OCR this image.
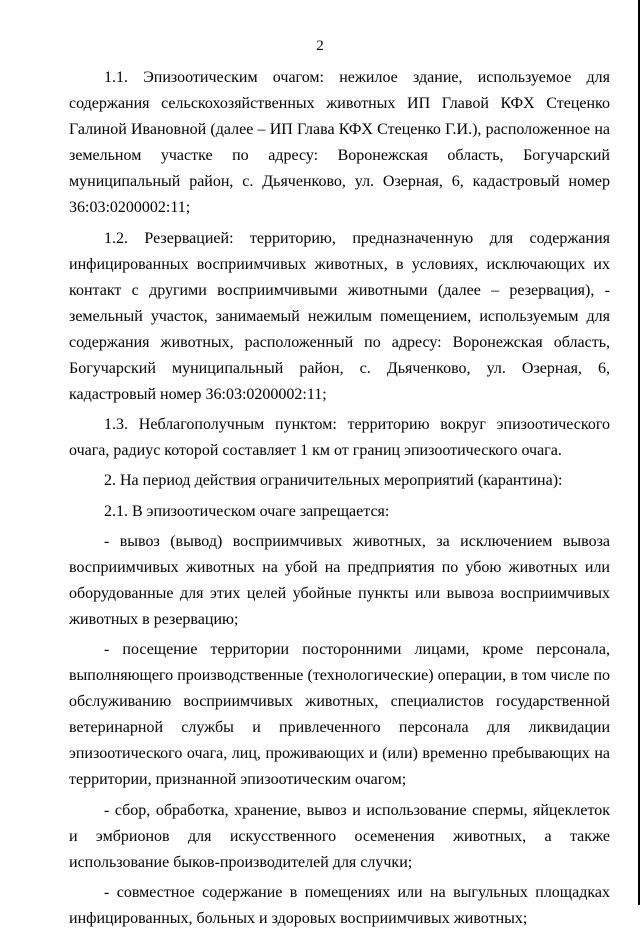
2

1.1. Эпизоотическим очагом: нежилое здание, используемое для содержания сельскохозяйственных животных ИП Главой КФХ Стеценко Галиной Ивановной (далее – ИП Глава КФХ Стеценко Г.И.), расположенное на земельном участке по адресу: Воронежская область, Богучарский муниципальный район, с. Дьяченково, ул. Озерная, 6, кадастровый номер 36:03:0200002:11;

1.2. Резервацией: территорию, предназначенную для содержания инфицированных восприимчивых животных, в условиях, исключающих их контакт с другими восприимчивыми животными (далее – резервация), - земельный участок, занимаемый нежилым помещением, используемым для содержания животных, расположенный по адресу: Воронежская область, Богучарский муниципальный район, с. Дьяченково, ул. Озерная, 6, кадастровый номер 36:03:0200002:11;

1.3. Неблагополучным пунктом: территорию вокруг эпизоотического очага, радиус которой составляет 1 км от границ эпизоотического очага.

2. На период действия ограничительных мероприятий (карантина):

2.1. В эпизоотическом очаге запрещается:

- вывоз (вывод) восприимчивых животных, за исключением вывоза восприимчивых животных на убой на предприятия по убою животных или оборудованные для этих целей убойные пункты или вывоза восприимчивых животных в резервацию;

- посещение территории посторонними лицами, кроме персонала, выполняющего производственные (технологические) операции, в том числе по обслуживанию восприимчивых животных, специалистов государственной ветеринарной службы и привлеченного персонала для ликвидации эпизоотического очага, лиц, проживающих и (или) временно пребывающих на территории, признанной эпизоотическим очагом;

- сбор, обработка, хранение, вывоз и использование спермы, яйцеклеток и эмбрионов для искусственного осеменения животных, а также использование быков-производителей для случки;

- совместное содержание в помещениях или на выгульных площадках инфицированных, больных и здоровых восприимчивых животных;
